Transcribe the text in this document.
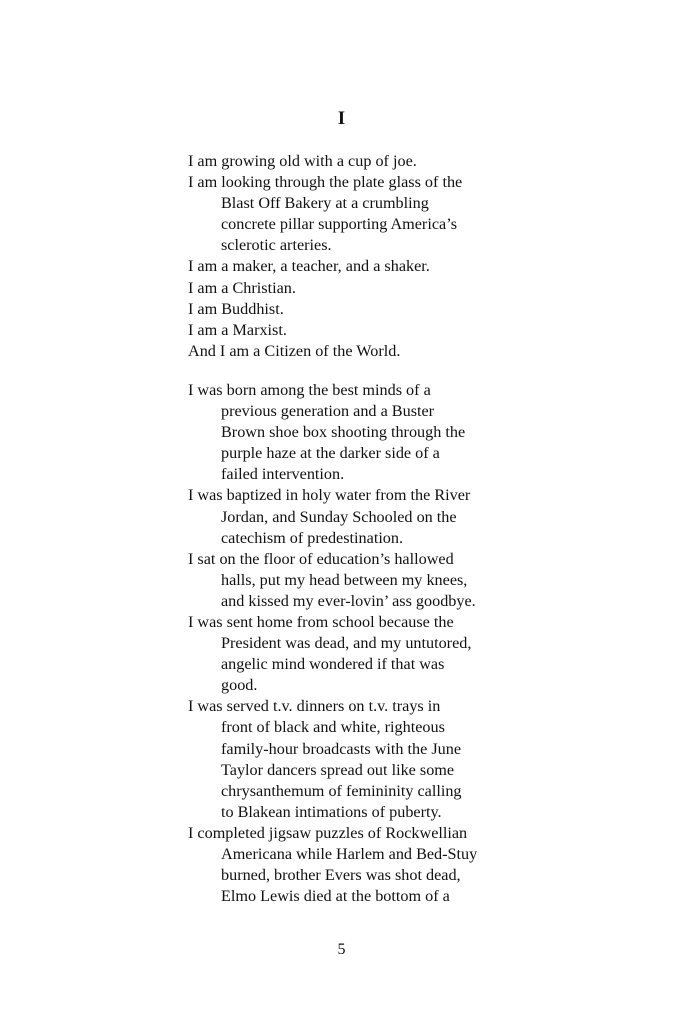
I
I am growing old with a cup of joe.
I am looking through the plate glass of the
Blast Off Bakery at a crumbling
concrete pillar supporting America’s
sclerotic arteries.
I am a maker, a teacher, and a shaker.
I am a Christian.
I am Buddhist.
I am a Marxist.
And I am a Citizen of the World.
I was born among the best minds of a
previous generation and a Buster
Brown shoe box shooting through the
purple haze at the darker side of a
failed intervention.
I was baptized in holy water from the River
Jordan, and Sunday Schooled on the
catechism of predestination.
I sat on the floor of education’s hallowed
halls, put my head between my knees,
and kissed my ever-lovin’ ass goodbye.
I was sent home from school because the
President was dead, and my untutored,
angelic mind wondered if that was
good.
I was served t.v. dinners on t.v. trays in
front of black and white, righteous
family-hour broadcasts with the June
Taylor dancers spread out like some
chrysanthemum of femininity calling
to Blakean intimations of puberty.
I completed jigsaw puzzles of Rockwellian
Americana while Harlem and Bed-Stuy
burned, brother Evers was shot dead,
Elmo Lewis died at the bottom of a
5
